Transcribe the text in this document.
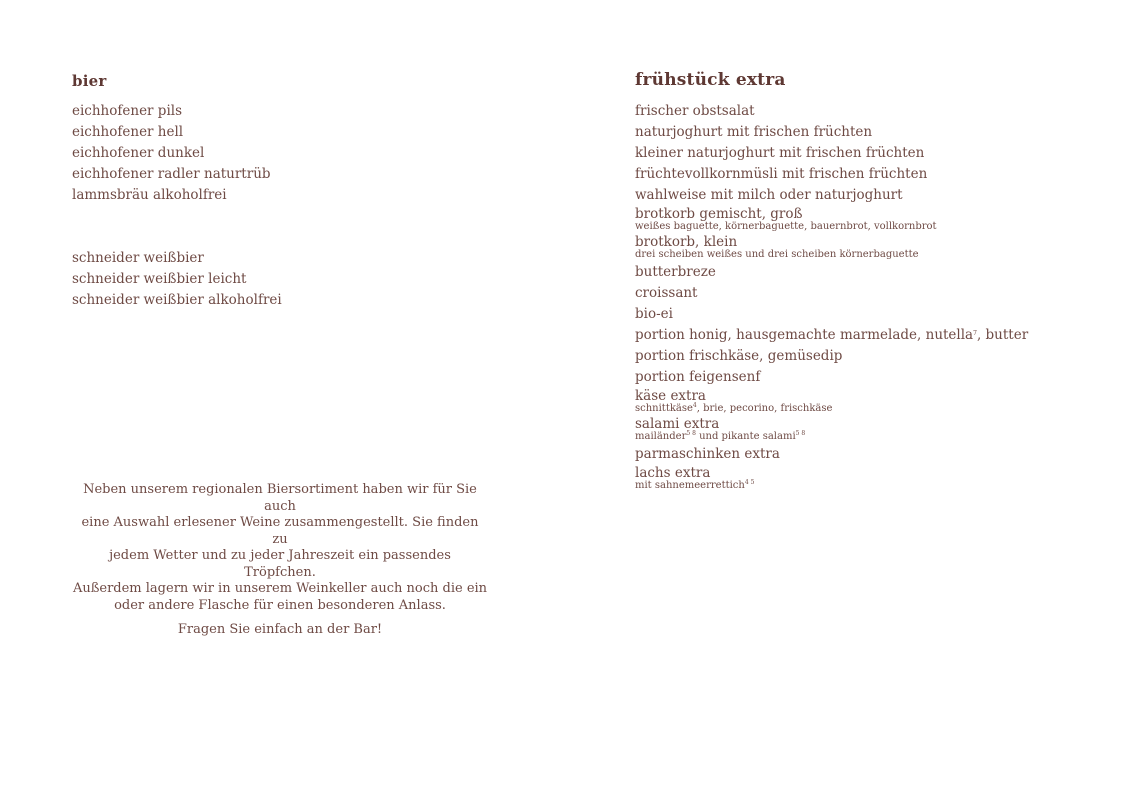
bier
eichhofener pils
eichhofener hell
eichhofener dunkel
eichhofener radler naturtrüb
lammsbräu alkoholfrei
schneider weißbier
schneider weißbier leicht
schneider weißbier alkoholfrei
Neben unserem regionalen Biersortiment haben wir für Sie auch
eine Auswahl erlesener Weine zusammengestellt. Sie finden zu
jedem Wetter und zu jeder Jahreszeit ein passendes Tröpfchen.
Außerdem lagern wir in unserem Weinkeller auch noch die ein
oder andere Flasche für einen besonderen Anlass.
Fragen Sie einfach an der Bar!
frühstück extra
frischer obstsalat
naturjoghurt mit frischen früchten
kleiner naturjoghurt mit frischen früchten
früchtevollkornmüsli mit frischen früchten
wahlweise mit milch oder naturjoghurt
brotkorb gemischt, groß
weißes baguette, körnerbaguette, bauernbrot, vollkornbrot
brotkorb, klein
drei scheiben weißes und drei scheiben körnerbaguette
butterbreze
croissant
bio-ei
portion honig, hausgemachte marmelade, nutella$^7$, butter
portion frischkäse, gemüsedip
portion feigensenf
käse extra
schnittkäse$^4$, brie, pecorino, frischkäse
salami extra
mailänder$^{5 8}$ und pikante salami$^{5 8}$
parmaschinken extra
lachs extra
mit sahnemeerrettich$^{4 5}$
